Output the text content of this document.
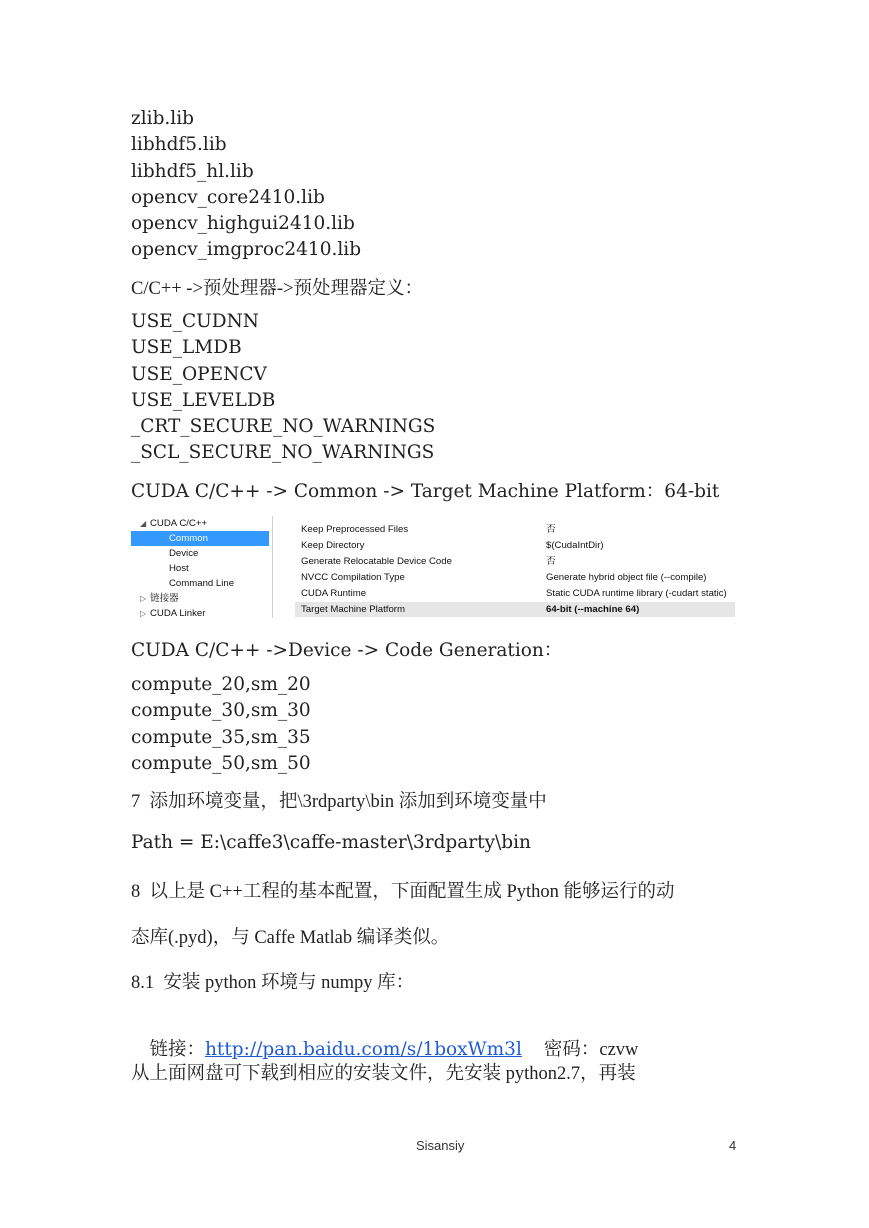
zlib.lib
libhdf5.lib
libhdf5_hl.lib
opencv_core2410.lib
opencv_highgui2410.lib
opencv_imgproc2410.lib
C/C++ ->预处理器->预处理器定义：
USE_CUDNN
USE_LMDB
USE_OPENCV
USE_LEVELDB
_CRT_SECURE_NO_WARNINGS
_SCL_SECURE_NO_WARNINGS
CUDA C/C++ -> Common -> Target Machine Platform：64-bit
◢ CUDA C/C++
Common
Device
Host
Command Line
▷ 链接器
▷ CUDA Linker
Keep Preprocessed Files	否
Keep Directory	$(CudaIntDir)
Generate Relocatable Device Code	否
NVCC Compilation Type	Generate hybrid object file (--compile)
CUDA Runtime	Static CUDA runtime library (-cudart static)
Target Machine Platform	64-bit (--machine 64)
CUDA C/C++ ->Device -> Code Generation：
compute_20,sm_20
compute_30,sm_30
compute_35,sm_35
compute_50,sm_50
7  添加环境变量，把\3rdparty\bin 添加到环境变量中
Path = E:\caffe3\caffe-master\3rdparty\bin
8  以上是 C++工程的基本配置，下面配置生成 Python 能够运行的动
态库(.pyd)，与 Caffe Matlab 编译类似。
8.1  安装 python 环境与 numpy 库：

链接：http://pan.baidu.com/s/1boxWm3l 密码：czvw

从上面网盘可下载到相应的安装文件，先安装 python2.7，再装
Sisansiy	4
